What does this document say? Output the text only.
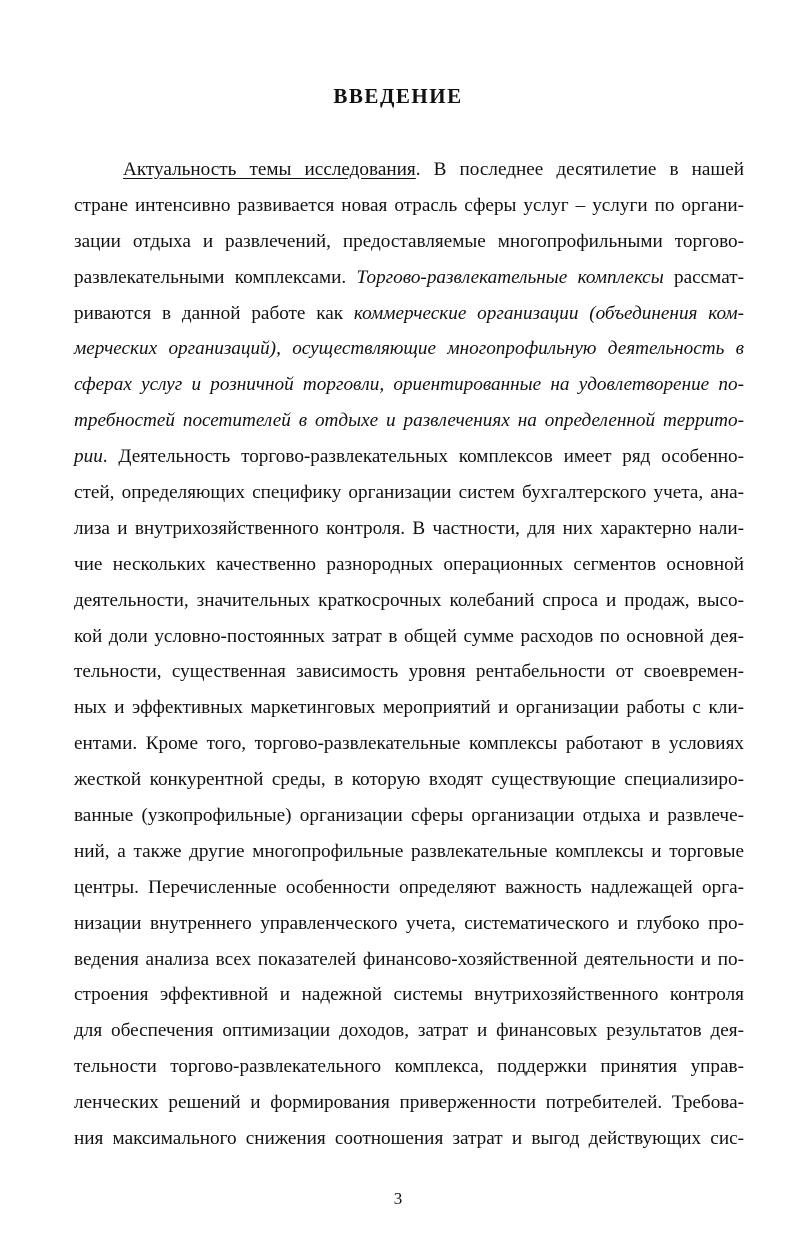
ВВЕДЕНИЕ
Актуальность темы исследования. В последнее десятилетие в нашей
стране интенсивно развивается новая отрасль сферы услуг – услуги по органи-
зации отдыха и развлечений, предоставляемые многопрофильными торгово-
развлекательными комплексами. Торгово-развлекательные комплексы рассмат-
риваются в данной работе как коммерческие организации (объединения ком-
мерческих организаций), осуществляющие многопрофильную деятельность в
сферах услуг и розничной торговли, ориентированные на удовлетворение по-
требностей посетителей в отдыхе и развлечениях на определенной террито-
рии. Деятельность торгово-развлекательных комплексов имеет ряд особенно-
стей, определяющих специфику организации систем бухгалтерского учета, ана-
лиза и внутрихозяйственного контроля. В частности, для них характерно нали-
чие нескольких качественно разнородных операционных сегментов основной
деятельности, значительных краткосрочных колебаний спроса и продаж, высо-
кой доли условно-постоянных затрат в общей сумме расходов по основной дея-
тельности, существенная зависимость уровня рентабельности от своевремен-
ных и эффективных маркетинговых мероприятий и организации работы с кли-
ентами. Кроме того, торгово-развлекательные комплексы работают в условиях
жесткой конкурентной среды, в которую входят существующие специализиро-
ванные (узкопрофильные) организации сферы организации отдыха и развлече-
ний, а также другие многопрофильные развлекательные комплексы и торговые
центры. Перечисленные особенности определяют важность надлежащей орга-
низации внутреннего управленческого учета, систематического и глубоко про-
ведения анализа всех показателей финансово-хозяйственной деятельности и по-
строения эффективной и надежной системы внутрихозяйственного контроля
для обеспечения оптимизации доходов, затрат и финансовых результатов дея-
тельности торгово-развлекательного комплекса, поддержки принятия управ-
ленческих решений и формирования приверженности потребителей. Требова-
ния максимального снижения соотношения затрат и выгод действующих сис-
3
